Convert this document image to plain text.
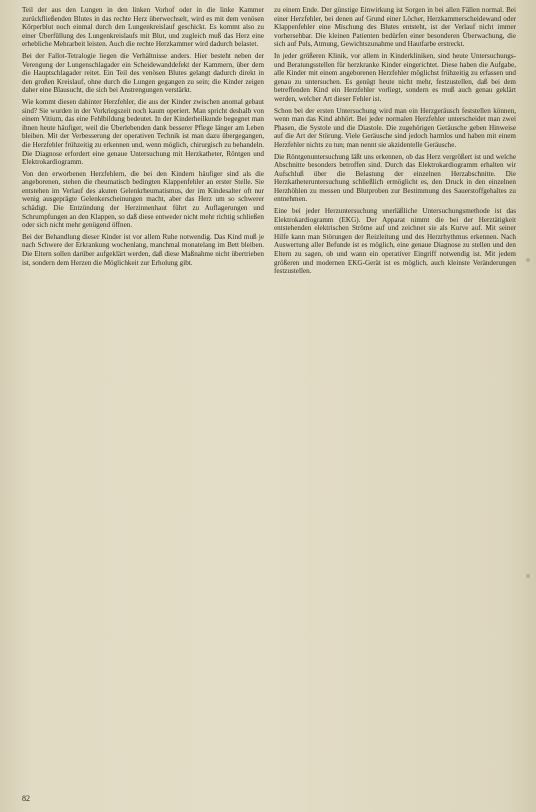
Teil der aus den Lungen in den linken Vorhof oder in die linke Kammer zurückfließenden Blutes in das rechte Herz überwechselt, wird es mit dem venösen Körperblut noch einmal durch den Lungenkreislauf geschickt. Es kommt also zu einer Überfüllung des Lungenkreislaufs mit Blut, und zugleich muß das Herz eine erhebliche Mehrarbeit leisten. Auch die rechte Herzkammer wird dadurch belastet.

Bei der Fallot-Tetralogie liegen die Verhältnisse anders. Hier besteht neben der Verengung der Lungenschlagader ein Scheidewanddefekt der Kammern, über dem die Hauptschlagader reitet. Ein Teil des venösen Blutes gelangt dadurch direkt in den großen Kreislauf, ohne durch die Lungen gegangen zu sein; die Kinder zeigen daher eine Blausucht, die sich bei Anstrengungen verstärkt.

Wie kommt diesen dahinter Herzfehler, die aus der Kinder zwischen anomal gebaut sind? Sie wurden in der Vorkriegszeit noch kaum operiert. Man spricht deshalb von einem Vitium, das eine Fehlbildung bedeutet. In der Kinderheilkunde begegnet man ihnen heute häufiger, weil die Überlebenden dank besserer Pflege länger am Leben bleiben. Mit der Verbesserung der operativen Technik ist man dazu übergegangen, die Herzfehler frühzeitig zu erkennen und, wenn möglich, chirurgisch zu behandeln. Die Diagnose erfordert eine genaue Untersuchung mit Herzkatheter, Röntgen und Elektrokardiogramm.

Von den erworbenen Herzfehlern, die bei den Kindern häufiger sind als die angeborenen, stehen die rheumatisch bedingten Klappenfehler an erster Stelle. Sie entstehen im Verlauf des akuten Gelenkrheumatismus, der im Kindesalter oft nur wenig ausgeprägte Gelenkerscheinungen macht, aber das Herz um so schwerer schädigt. Die Entzündung der Herzinnenhaut führt zu Auflagerungen und Schrumpfungen an den Klappen, so daß diese entweder nicht mehr richtig schließen oder sich nicht mehr genügend öffnen.

Bei der Behandlung dieser Kinder ist vor allem Ruhe notwendig. Das Kind muß je nach Schwere der Erkrankung wochenlang, manchmal monatelang im Bett bleiben. Die Eltern sollen darüber aufgeklärt werden, daß diese Maßnahme nicht übertrieben ist, sondern dem Herzen die Möglichkeit zur Erholung gibt.

zu einem Ende. Der günstige Einwirkung ist Sorgen in bei allen Fällen normal. Bei einer Herzfehler, bei denen auf Grund einer Löcher, Herzkammerscheidewand oder Klappenfehler eine Mischung des Blutes entsteht, ist der Verlauf nicht immer vorhersehbar. Die kleinen Patienten bedürfen einer besonderen Überwachung, die sich auf Puls, Atmung, Gewichtszunahme und Hautfarbe erstreckt.

In jeder größeren Klinik, vor allem in Kinderkliniken, sind heute Untersuchungs- und Beratungsstellen für herzkranke Kinder eingerichtet. Diese haben die Aufgabe, alle Kinder mit einem angeborenen Herzfehler möglichst frühzeitig zu erfassen und genau zu untersuchen. Es genügt heute nicht mehr, festzustellen, daß bei dem betreffenden Kind ein Herzfehler vorliegt, sondern es muß auch genau geklärt werden, welcher Art dieser Fehler ist.

Schon bei der ersten Untersuchung wird man ein Herzgeräusch feststellen können, wenn man das Kind abhört. Bei jeder normalen Herzfehler unterscheidet man zwei Phasen, die Systole und die Diastole. Die zugehörigen Geräusche geben Hinweise auf die Art der Störung. Viele Geräusche sind jedoch harmlos und haben mit einem Herzfehler nichts zu tun; man nennt sie akzidentelle Geräusche.

Die Röntgenuntersuchung läßt uns erkennen, ob das Herz vergrößert ist und welche Abschnitte besonders betroffen sind. Durch das Elektrokardiogramm erhalten wir Aufschluß über die Belastung der einzelnen Herzabschnitte. Die Herzkatheteruntersuchung schließlich ermöglicht es, den Druck in den einzelnen Herzhöhlen zu messen und Blutproben zur Bestimmung des Sauerstoffgehaltes zu entnehmen.

Eine bei jeder Herzuntersuchung unerläßliche Untersuchungsmethode ist das Elektrokardiogramm (EKG). Der Apparat nimmt die bei der Herztätigkeit entstehenden elektrischen Ströme auf und zeichnet sie als Kurve auf. Mit seiner Hilfe kann man Störungen der Reizleitung und des Herzrhythmus erkennen. Nach Auswertung aller Befunde ist es möglich, eine genaue Diagnose zu stellen und den Eltern zu sagen, ob und wann ein operativer Eingriff notwendig ist. Mit jedem größeren und modernen EKG-Gerät ist es möglich, auch kleinste Veränderungen festzustellen.

82
